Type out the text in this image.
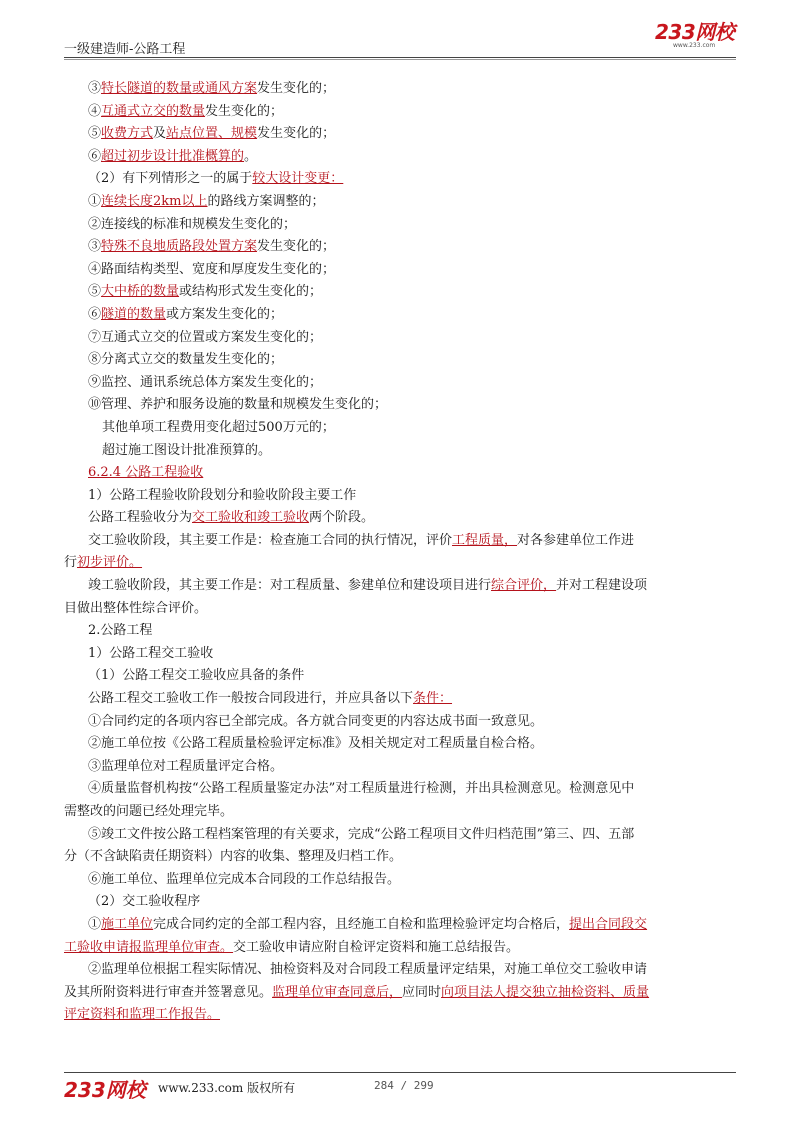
一级建造师-公路工程
233网校
www.233.com
③特长隧道的数量或通风方案发生变化的；
④互通式立交的数量发生变化的；
⑤收费方式及站点位置、规模发生变化的；
⑥超过初步设计批准概算的。
（2）有下列情形之一的属于较大设计变更：
①连续长度2km以上的路线方案调整的；
②连接线的标准和规模发生变化的；
③特殊不良地质路段处置方案发生变化的；
④路面结构类型、宽度和厚度发生变化的；
⑤大中桥的数量或结构形式发生变化的；
⑥隧道的数量或方案发生变化的；
⑦互通式立交的位置或方案发生变化的；
⑧分离式立交的数量发生变化的；
⑨监控、通讯系统总体方案发生变化的；
⑩管理、养护和服务设施的数量和规模发生变化的；
其他单项工程费用变化超过500万元的；
超过施工图设计批准预算的。
6.2.4 公路工程验收
1）公路工程验收阶段划分和验收阶段主要工作
公路工程验收分为交工验收和竣工验收两个阶段。
交工验收阶段，其主要工作是：检查施工合同的执行情况，评价工程质量，对各参建单位工作进
行初步评价。
竣工验收阶段，其主要工作是：对工程质量、参建单位和建设项目进行综合评价，并对工程建设项
目做出整体性综合评价。
2.公路工程
1）公路工程交工验收
（1）公路工程交工验收应具备的条件
公路工程交工验收工作一般按合同段进行，并应具备以下条件：
①合同约定的各项内容已全部完成。各方就合同变更的内容达成书面一致意见。
②施工单位按《公路工程质量检验评定标准》及相关规定对工程质量自检合格。
③监理单位对工程质量评定合格。
④质量监督机构按“公路工程质量鉴定办法”对工程质量进行检测，并出具检测意见。检测意见中
需整改的问题已经处理完毕。
⑤竣工文件按公路工程档案管理的有关要求，完成“公路工程项目文件归档范围”第三、四、五部
分（不含缺陷责任期资料）内容的收集、整理及归档工作。
⑥施工单位、监理单位完成本合同段的工作总结报告。
（2）交工验收程序
①施工单位完成合同约定的全部工程内容，且经施工自检和监理检验评定均合格后，提出合同段交
工验收申请报监理单位审查。交工验收申请应附自检评定资料和施工总结报告。
②监理单位根据工程实际情况、抽检资料及对合同段工程质量评定结果，对施工单位交工验收申请
及其所附资料进行审查并签署意见。监理单位审查同意后，应同时向项目法人提交独立抽检资料、质量
评定资料和监理工作报告。
233网校 www.233.com 版权所有	284 / 299
